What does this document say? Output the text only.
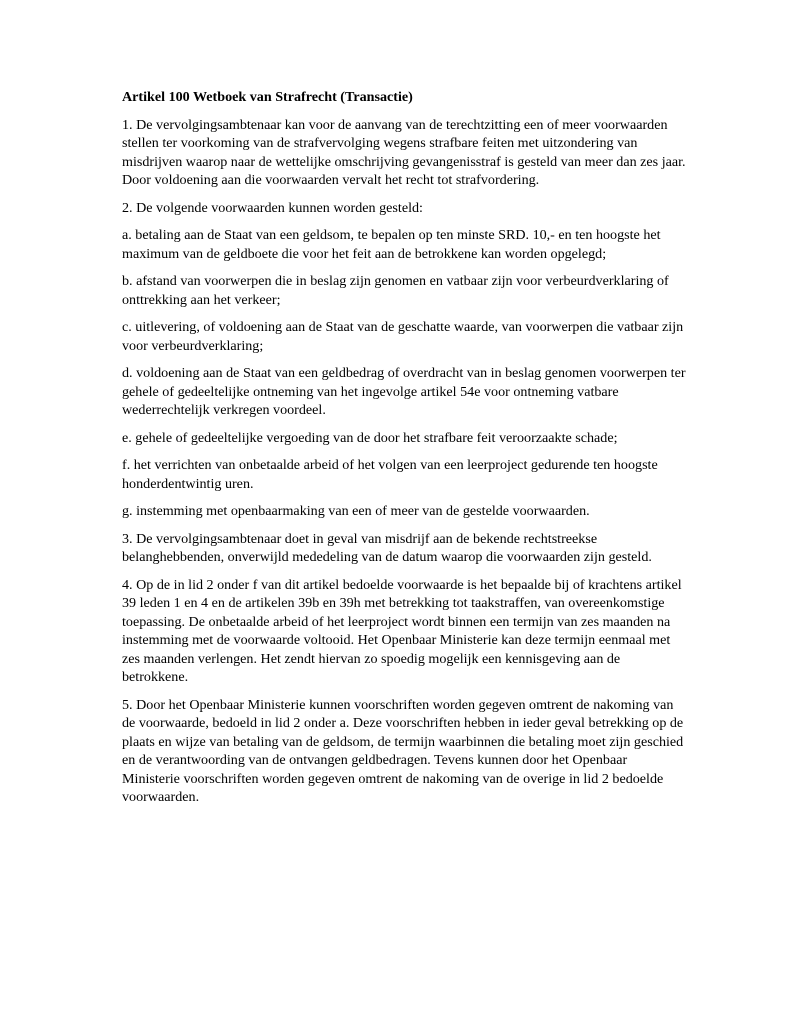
Artikel 100 Wetboek van Strafrecht (Transactie)

1. De vervolgingsambtenaar kan voor de aanvang van de terechtzitting een of meer voorwaarden stellen ter voorkoming van de strafvervolging wegens strafbare feiten met uitzondering van misdrijven waarop naar de wettelijke omschrijving gevangenisstraf is gesteld van meer dan zes jaar. Door voldoening aan die voorwaarden vervalt het recht tot strafvordering.

2. De volgende voorwaarden kunnen worden gesteld:

a. betaling aan de Staat van een geldsom, te bepalen op ten minste SRD. 10,- en ten hoogste het maximum van de geldboete die voor het feit aan de betrokkene kan worden opgelegd;

b. afstand van voorwerpen die in beslag zijn genomen en vatbaar zijn voor verbeurdverklaring of onttrekking aan het verkeer;

c. uitlevering, of voldoening aan de Staat van de geschatte waarde, van voorwerpen die vatbaar zijn voor verbeurdverklaring;

d. voldoening aan de Staat van een geldbedrag of overdracht van in beslag genomen voorwerpen ter gehele of gedeeltelijke ontneming van het ingevolge artikel 54e voor ontneming vatbare wederrechtelijk verkregen voordeel.

e. gehele of gedeeltelijke vergoeding van de door het strafbare feit veroorzaakte schade;

f. het verrichten van onbetaalde arbeid of het volgen van een leerproject gedurende ten hoogste honderdentwintig uren.

g. instemming met openbaarmaking van een of meer van de gestelde voorwaarden.

3. De vervolgingsambtenaar doet in geval van misdrijf aan de bekende rechtstreekse belanghebbenden, onverwijld mededeling van de datum waarop die voorwaarden zijn gesteld.

4. Op de in lid 2 onder f van dit artikel bedoelde voorwaarde is het bepaalde bij of krachtens artikel 39 leden 1 en 4 en de artikelen 39b en 39h met betrekking tot taakstraffen, van overeenkomstige toepassing. De onbetaalde arbeid of het leerproject wordt binnen een termijn van zes maanden na instemming met de voorwaarde voltooid. Het Openbaar Ministerie kan deze termijn eenmaal met zes maanden verlengen. Het zendt hiervan zo spoedig mogelijk een kennisgeving aan de betrokkene.

5. Door het Openbaar Ministerie kunnen voorschriften worden gegeven omtrent de nakoming van de voorwaarde, bedoeld in lid 2 onder a. Deze voorschriften hebben in ieder geval betrekking op de plaats en wijze van betaling van de geldsom, de termijn waarbinnen die betaling moet zijn geschied en de verantwoording van de ontvangen geldbedragen. Tevens kunnen door het Openbaar Ministerie voorschriften worden gegeven omtrent de nakoming van de overige in lid 2 bedoelde voorwaarden.
